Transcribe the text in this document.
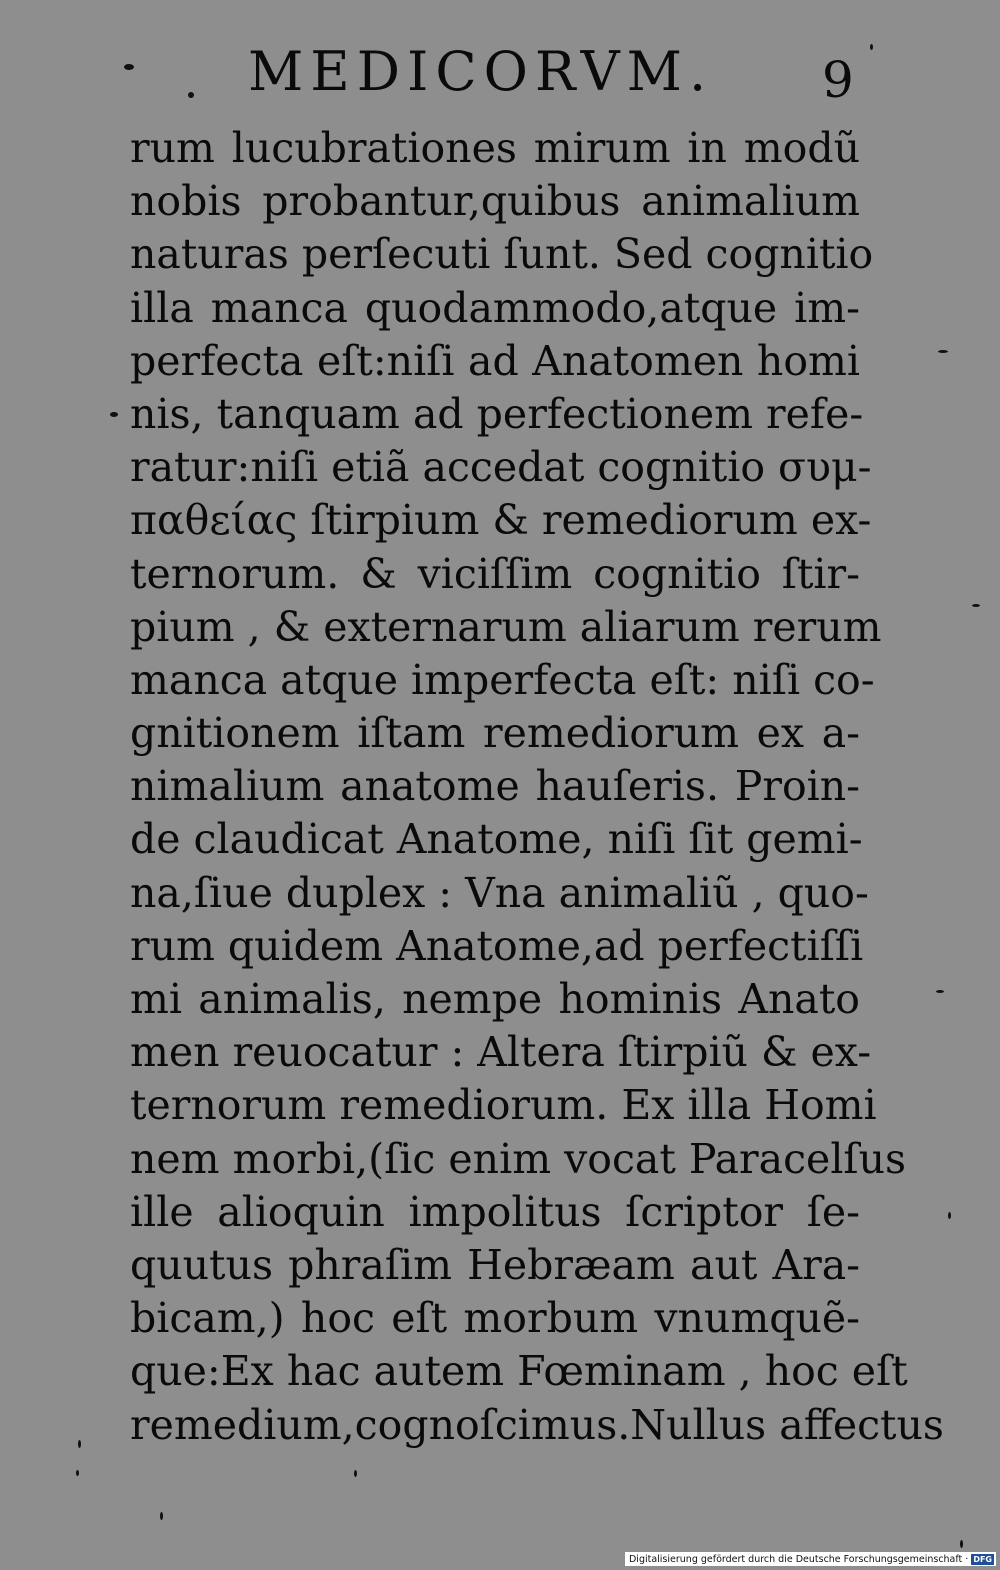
MEDICORVM. 9
rum lucubrationes mirum in modũ
nobis probantur,quibus animalium
naturas perſecuti ſunt. Sed cognitio
illa manca quodammodo,atque im-
perfecta eſt:niſi ad Anatomen homi
nis, tanquam ad perfectionem refe-
ratur:niſi etiã accedat cognitio συμ-
παθείας ſtirpium & remediorum ex-
ternorum. & viciſſim cognitio ſtir-
pium , & externarum aliarum rerum
manca atque imperfecta eſt: niſi co-
gnitionem iſtam remediorum ex a-
nimalium anatome hauſeris. Proin-
de claudicat Anatome, niſi ſit gemi-
na,ſiue duplex : Vna animaliũ , quo-
rum quidem Anatome,ad perfectiſſi
mi animalis, nempe hominis Anato
men reuocatur : Altera ſtirpiũ & ex-
ternorum remediorum. Ex illa Homi
nem morbi,(ſic enim vocat Paracelſus
ille alioquin impolitus ſcriptor ſe-
quutus phraſim Hebræam aut Ara-
bicam,) hoc eſt morbum vnumquẽ-
que:Ex hac autem Fœminam , hoc eſt
remedium,cognoſcimus.Nullus affectus
Digitalisierung gefördert durch die Deutsche Forschungsgemeinschaft · DFG
